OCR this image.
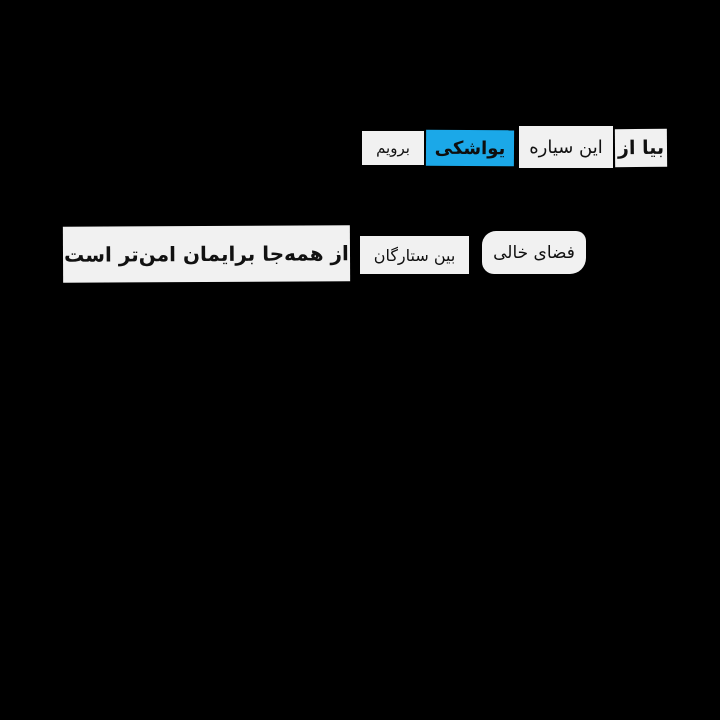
بیا از
این سیاره
یواشکی
برویم
فضای خالی
بین ستارگان
از همه‌جا برایمان امن‌تر است
